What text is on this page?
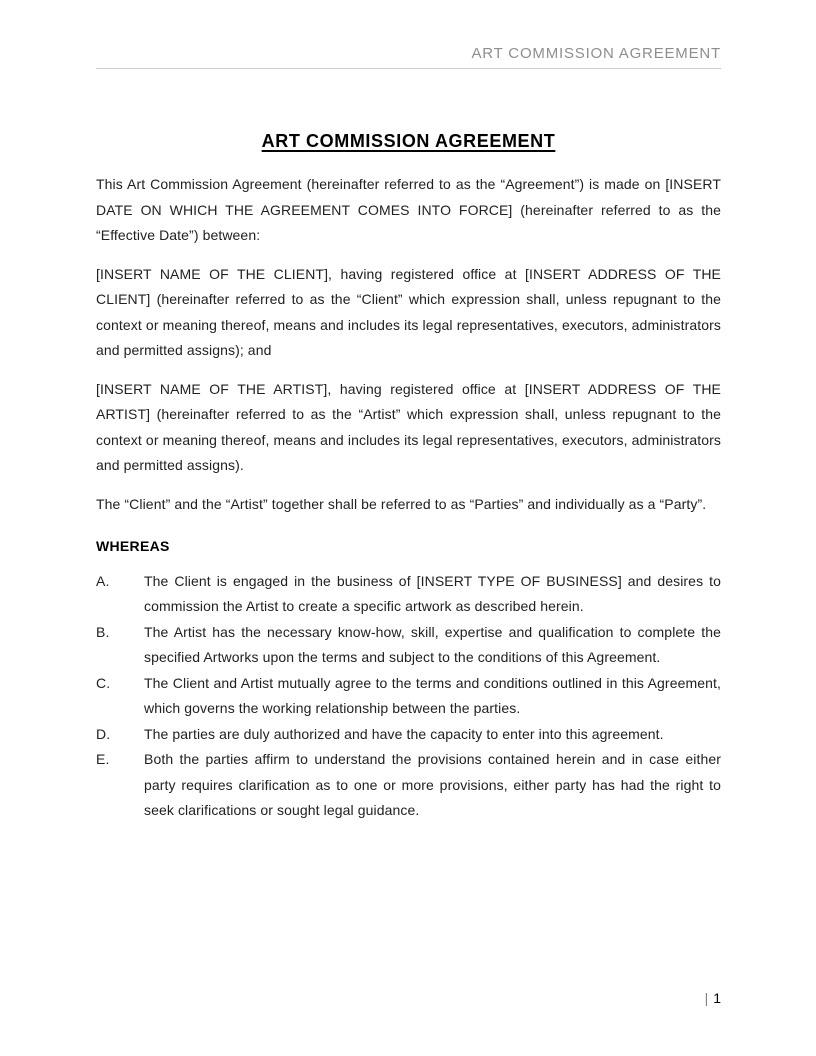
ART COMMISSION AGREEMENT
ART COMMISSION AGREEMENT

This Art Commission Agreement (hereinafter referred to as the “Agreement”) is made on [INSERT DATE ON WHICH THE AGREEMENT COMES INTO FORCE] (hereinafter referred to as the “Effective Date”) between:

[INSERT NAME OF THE CLIENT], having registered office at [INSERT ADDRESS OF THE CLIENT] (hereinafter referred to as the “Client” which expression shall, unless repugnant to the context or meaning thereof, means and includes its legal representatives, executors, administrators and permitted assigns); and

[INSERT NAME OF THE ARTIST], having registered office at [INSERT ADDRESS OF THE ARTIST] (hereinafter referred to as the “Artist” which expression shall, unless repugnant to the context or meaning thereof, means and includes its legal representatives, executors, administrators and permitted assigns).

The “Client” and the “Artist” together shall be referred to as “Parties” and individually as a “Party”.

WHEREAS
A.	The Client is engaged in the business of [INSERT TYPE OF BUSINESS] and desires to commission the Artist to create a specific artwork as described herein.
B.	The Artist has the necessary know-how, skill, expertise and qualification to complete the specified Artworks upon the terms and subject to the conditions of this Agreement.
C.	The Client and Artist mutually agree to the terms and conditions outlined in this Agreement, which governs the working relationship between the parties.
D.	The parties are duly authorized and have the capacity to enter into this agreement.
E.	Both the parties affirm to understand the provisions contained herein and in case either party requires clarification as to one or more provisions, either party has had the right to seek clarifications or sought legal guidance.
| 1
